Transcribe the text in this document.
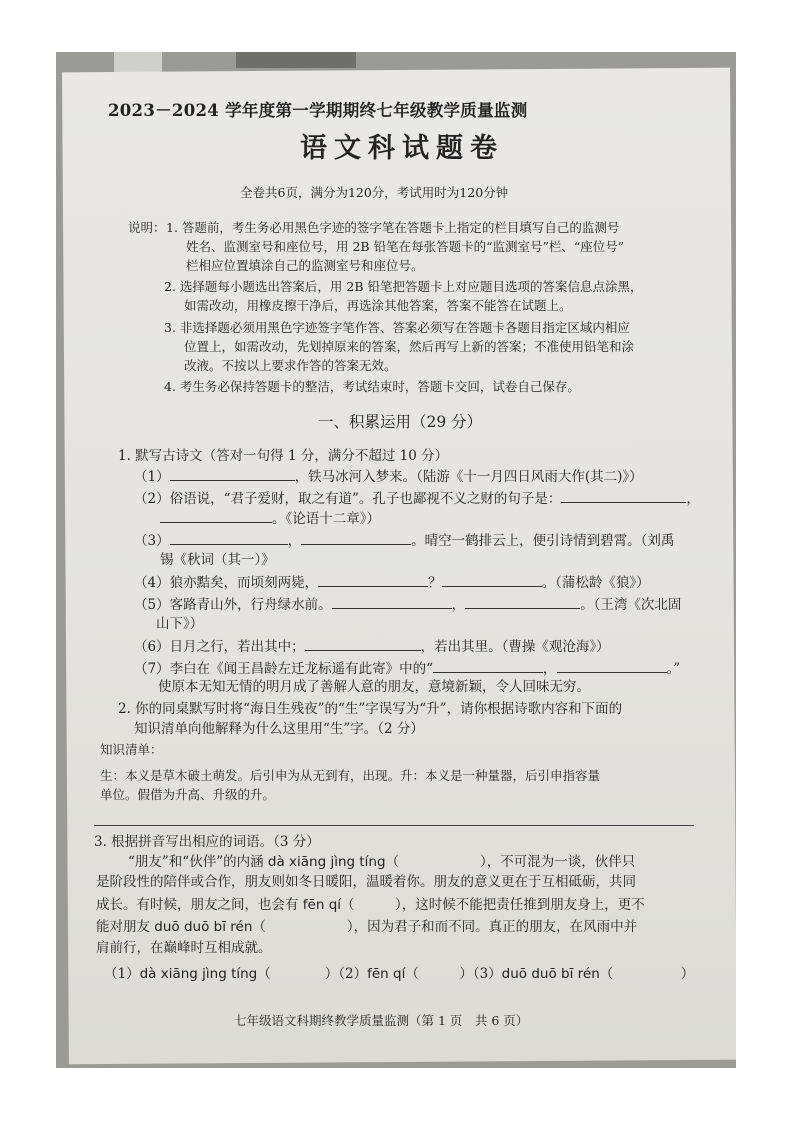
2023－2024 学年度第一学期期终七年级教学质量监测
语文科试题卷
全卷共6页，满分为120分，考试用时为120分钟
说明： 1. 答题前，考生务必用黑色字迹的签字笔在答题卡上指定的栏目填写自己的监测号
姓名、监测室号和座位号，用 2B 铅笔在每张答题卡的“监测室号”栏、“座位号”
栏相应位置填涂自己的监测室号和座位号。
2. 选择题每小题选出答案后，用 2B 铅笔把答题卡上对应题目选项的答案信息点涂黑，
如需改动，用橡皮擦干净后，再选涂其他答案，答案不能答在试题上。
3. 非选择题必须用黑色字迹签字笔作答、答案必须写在答题卡各题目指定区域内相应
位置上，如需改动，先划掉原来的答案，然后再写上新的答案；不准使用铅笔和涂
改液。不按以上要求作答的答案无效。
4. 考生务必保持答题卡的整洁，考试结束时，答题卡交回，试卷自己保存。
一、积累运用（29 分）
1. 默写古诗文（答对一句得 1 分，满分不超过 10 分）
（1）	，铁马冰河入梦来。（陆游《十一月四日风雨大作(其二)》）
（2）俗语说，“君子爱财，取之有道”。孔子也鄙视不义之财的句子是：	，
。《论语十二章》）
（3）	，	。晴空一鹤排云上，便引诗情到碧霄。（刘禹
锡《秋词（其一）》
（4）狼亦黠矣，而顷刻两毙，	？	。（蒲松龄《狼》）
（5）客路青山外，行舟绿水前。	，	。（王湾《次北固
山下》）
（6）日月之行，若出其中；	，若出其里。（曹操《观沧海》）
（7）李白在《闻王昌龄左迁龙标遥有此寄》中的“	，	。”
使原本无知无情的明月成了善解人意的朋友，意境新颖，令人回味无穷。
2. 你的同桌默写时将“海日生残夜”的“生”字误写为“升”，请你根据诗歌内容和下面的
知识清单向他解释为什么这里用“生”字。（2 分）
知识清单：
生：本义是草木破土萌发。后引申为从无到有，出现。升：本义是一种量器，后引申指容量
单位。假借为升高、升级的升。
3. 根据拼音写出相应的词语。（3 分）
“朋友”和“伙伴”的内涵 dà xiāng jìng tíng（　　　　　　），不可混为一谈，伙伴只
是阶段性的陪伴或合作，朋友则如冬日暖阳，温暖着你。朋友的意义更在于互相砥砺，共同
成长。有时候，朋友之间，也会有 fēn qí（　　　），这时候不能把责任推到朋友身上，更不
能对朋友 duō duō bī rén（　　　　　　），因为君子和而不同。真正的朋友，在风雨中并
肩前行，在巅峰时互相成就。
（1）dà xiāng jìng tíng（　　　　）（2）fēn qí（　　　）（3）duō duō bī rén（　　　　　）
七年级语文科期终教学质量监测（第 1 页　共 6 页）
